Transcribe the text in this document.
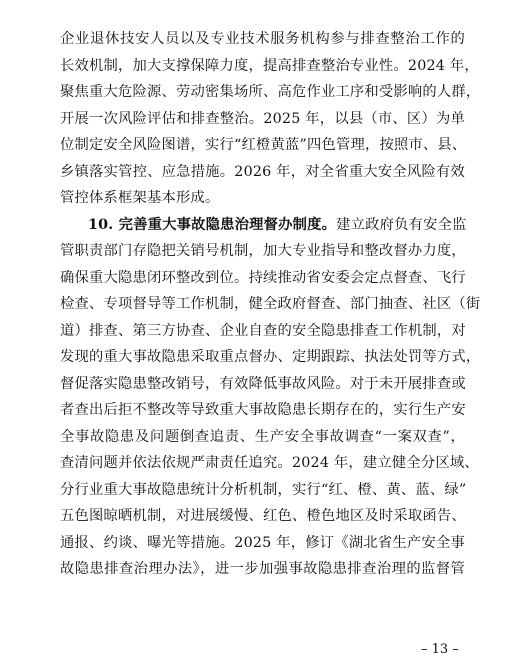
企业退休技安人员以及专业技术服务机构参与排查整治工作的
长效机制，加大支撑保障力度，提高排查整治专业性。2024 年，
聚焦重大危险源、劳动密集场所、高危作业工序和受影响的人群，
开展一次风险评估和排查整治。2025 年，以县（市、区）为单
位制定安全风险图谱，实行“红橙黄蓝”四色管理，按照市、县、
乡镇落实管控、应急措施。2026 年，对全省重大安全风险有效
管控体系框架基本形成。
10. 完善重大事故隐患治理督办制度。建立政府负有安全监
管职责部门存隐把关销号机制，加大专业指导和整改督办力度，
确保重大隐患闭环整改到位。持续推动省安委会定点督查、飞行
检查、专项督导等工作机制，健全政府督查、部门抽查、社区（街
道）排查、第三方协查、企业自查的安全隐患排查工作机制，对
发现的重大事故隐患采取重点督办、定期跟踪、执法处罚等方式，
督促落实隐患整改销号，有效降低事故风险。对于未开展排查或
者查出后拒不整改等导致重大事故隐患长期存在的，实行生产安
全事故隐患及问题倒查追责、生产安全事故调查“一案双查”，
查清问题并依法依规严肃责任追究。2024 年，建立健全分区域、
分行业重大事故隐患统计分析机制，实行“红、橙、黄、蓝、绿”
五色图晾晒机制，对进展缓慢、红色、橙色地区及时采取函告、
通报、约谈、曝光等措施。2025 年，修订《湖北省生产安全事
故隐患排查治理办法》，进一步加强事故隐患排查治理的监督管
– 13 –
